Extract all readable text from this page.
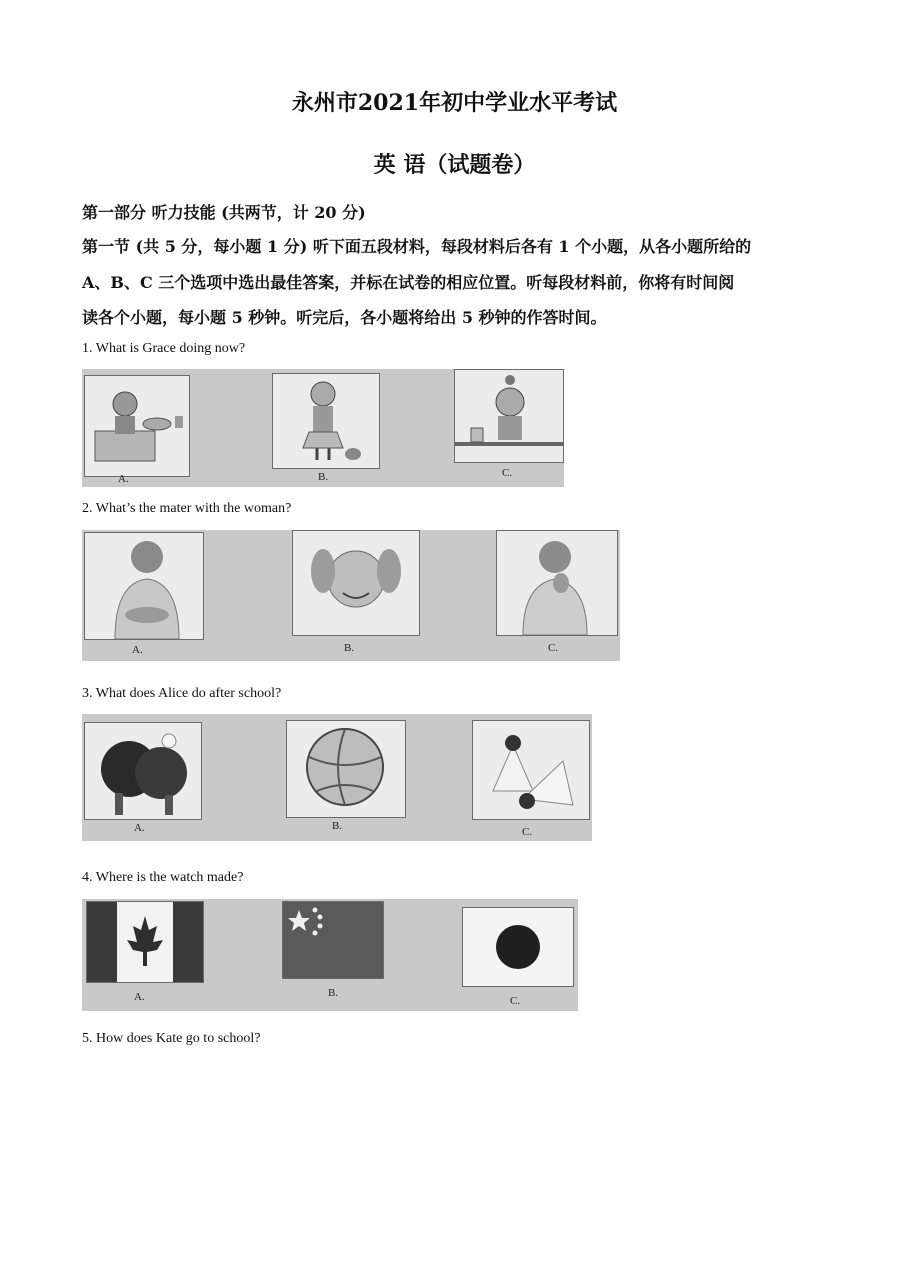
永州市2021年初中学业水平考试
英 语（试题卷）
第一部分 听力技能 (共两节，计 20 分)
第一节 (共 5 分，每小题 1 分) 听下面五段材料，每段材料后各有 1 个小题，从各小题所给的
A、B、C 三个选项中选出最佳答案，并标在试卷的相应位置。听每段材料前，你将有时间阅
读各个小题，每小题 5 秒钟。听完后，各小题将给出 5 秒钟的作答时间。
1. What is Grace doing now?
A.	B.	C.
2. What’s the mater with the woman?
A.	B.	C.
3. What does Alice do after school?
A.	B.	C.
4. Where is the watch made?
A.	B.
C.
5. How does Kate go to school?
